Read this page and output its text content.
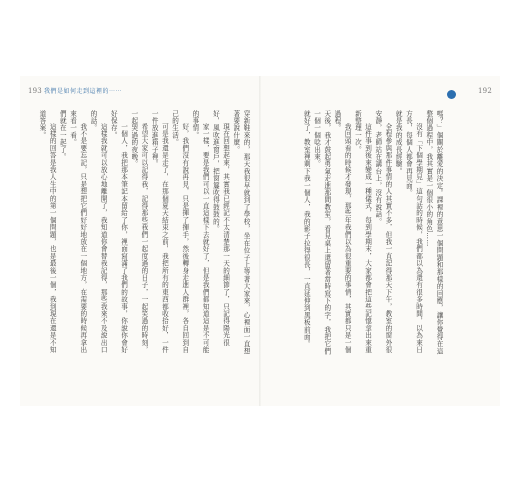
193 我們是如何走到這裡的⋯⋯
穿新鞋來的，那天我很早就到了學校，坐在位子上等著大家來，心裡面一直想著要說什麼。
現在回想起來，其實我已經記不太清楚那一天的細節了，只記得陽光很好，風吹進窗戶，把窗簾吹得鼓鼓的。
家一樣，要是我們可以一直這樣下去就好了，但是我們都知道這是不可能的事情。
好，我們沒有說再見，只是揮了揮手，然後轉身走進人群裡，各自回到自己的生活。
可是我還是走了，在那個夏天結束之前，我把所有的東西都收拾好，一件一件放進箱子裡。
希望大家可以記得我，記得那些我們一起度過的日子，一起笑過的時刻，一起哭過的夜晚。
一個人，我把那本筆記本留給了你，裡面寫滿了我們的故事，你說你會好好保存。
這樣我就可以放心地離開了，我知道你會替我記得，那些我來不及說出口的話。
我不是要忘記，只是想把它們好好地放在一個地方，在需要的時候再拿出來看一看。
們就在一起了。
這樣的回答是我人生中的第一個問題，也是最後一個，我到現在還是不知道答案。
192
嗎？」個關於離愛的決定。課裡的意思一個問題和那樣的回應，讓你覺得在這整個過程中，我其實是一個很小的角色……
沒有「下個學期見」這句話的時候，我們都以為還有很多時間，以為來日方長，每個人都會再見面。
就是我的成長經驗。
全程參與那件事情的人其實不多，但我一直記得那天下午，教室的窗外很安靜，老師站在講台上，沒有說話。
這件事到後來變成一種儀式，每到學期末，大家都會把這些記憶拿出來重新整理一次。
我回頭看的時候才發現，那些年我們以為很重要的事情，其實都只是一個過程。
天後，我才鼓起勇氣走進那間教室，看見桌上還留著當時寫下的字，我把它們一個一個唸出來。
就好了，教室裡剩下我一個人，我的影子拉得很長，一直延伸到黑板前面。
